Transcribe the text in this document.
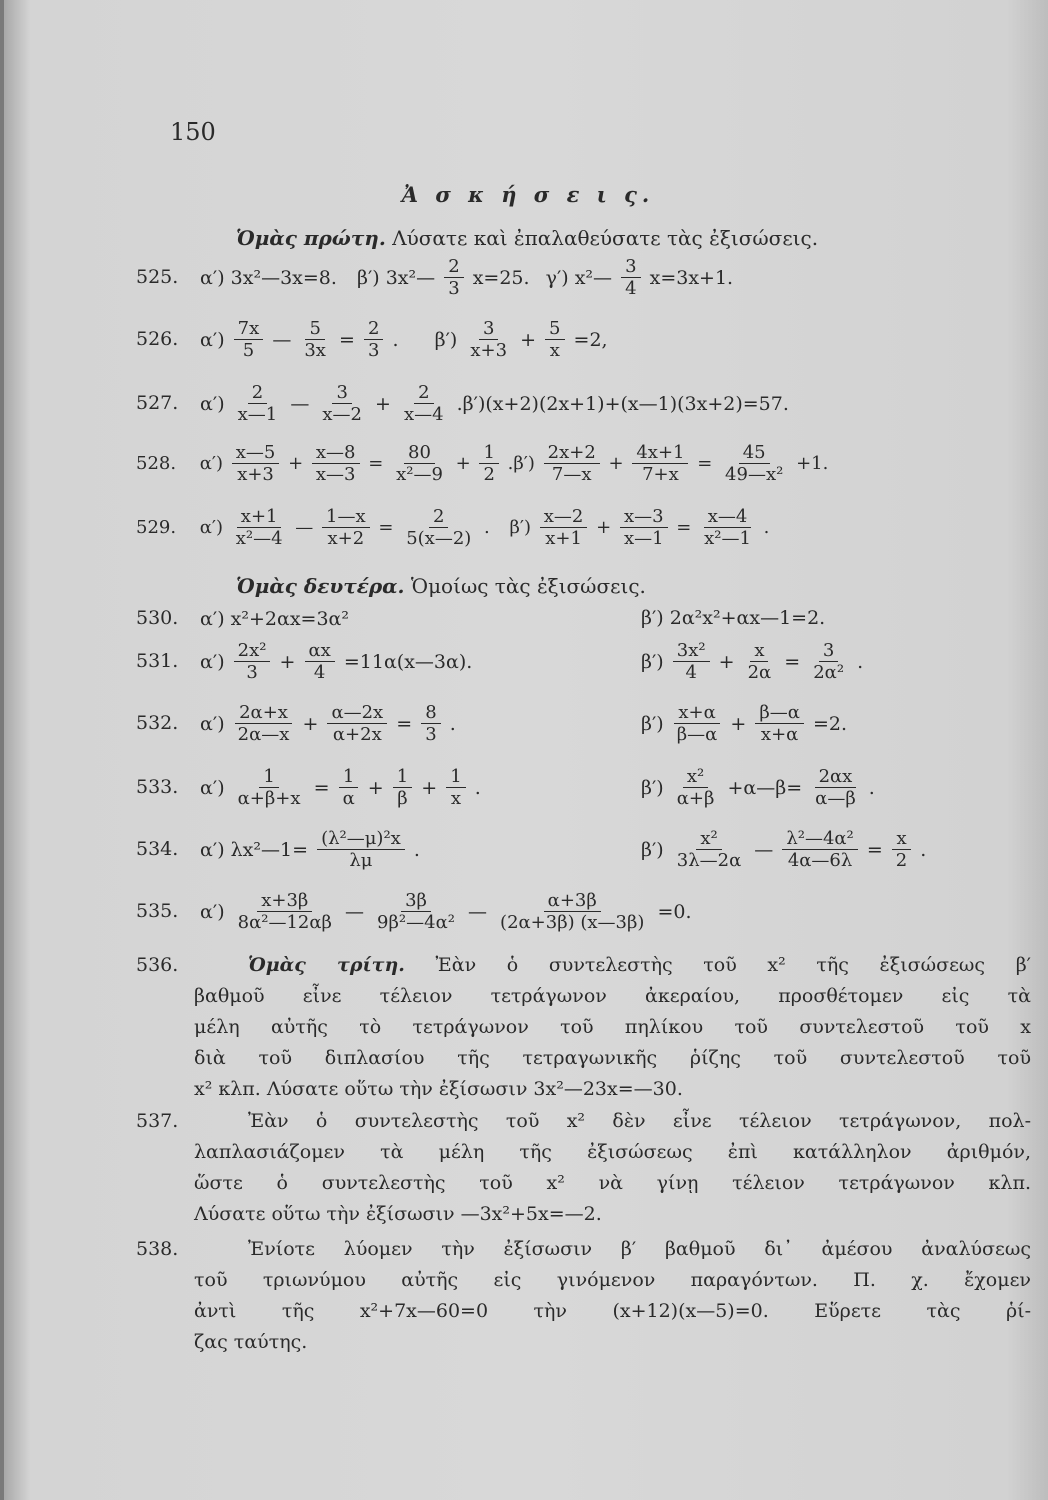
150
Ἀ σ κ ή σ ε ι ς.
Ὁμὰς πρώτη. Λύσατε καὶ ἐπαλαθεύσατε τὰς ἐξισώσεις.
525. α′) 3x²—3x=8. β′) 3x²— $\frac{2}{3} x=25$. γ′) x²— $\frac{3}{4} x=3x+1$.
526. $\alpha') \frac{7x}{5}$ — $\frac{5}{3x} = \frac{2}{3}$ . $\beta') \frac{3}{x+3} + \frac{5}{x} =2$,
527. $\alpha') \frac{2}{x—1}$ — $\frac{3}{x—2} + \frac{2}{x—4}$ .β′)(x+2)(2x+1)+(x—1)(3x+2)=57.
528. $\alpha') \frac{x—5}{x+3} + \frac{x—8}{x—3} = \frac{80}{\text{x²—9}} + \frac{1}{2} .\beta') \frac{2x+2}{7—x} + \frac{4x+1}{7+x} = \frac{45}{\text{49—x²}} +1$.
529. $\alpha') \frac{x+1}{\text{x²—4}}$ — $\frac{1—x}{x+2} = \frac{2}{5(x—2)}$ . $\beta') \frac{x—2}{x+1} + \frac{x—3}{x—1} = \frac{x—4}{\text{x²—1}}$ .
Ὁμὰς δευτέρα. Ὁμοίως τὰς ἐξισώσεις.
530. α′) x²+2αx=3α²	β′) 2α²x²+αx—1=2.
531. $\alpha') \frac{\text{2x²}}{3} + \frac{\alpha x}{4}$ =11α(x—3α).	$\beta') \frac{\text{3x²}}{4} + \frac{x}{2\alpha} = \frac{3}{\text{2α²}}$ .
532. $\alpha') \frac{2\alpha+x}{2\alpha—x} + \frac{\alpha—2x}{\alpha+2x} = \frac{8}{3}$ .	$\beta') \frac{x+\alpha}{\beta—\alpha} + \frac{\beta—\alpha}{x+\alpha} =2$.
533. $\alpha') \frac{1}{\alpha+\beta+x} = \frac{1}{\alpha} + \frac{1}{\beta} + \frac{1}{x}$ .	$\beta') \frac{\text{x²}}{\alpha+\beta}$ +α—β= $\frac{2\alpha x}{\alpha—\beta}$ .
534. α′) λx²—1= $\frac{\text{(λ²—μ)²x}}{\lambda\mu}$ .	$\beta') \frac{\text{x²}}{3\lambda—2\alpha}$ — $\frac{\text{λ²—4α²}}{4\alpha—6\lambda} = \frac{x}{2}$ .
535. $\alpha') \frac{x+3\beta}{\text{8α²—12αβ}}$ — $\frac{3\beta}{\text{9β²—4α²}}$ — $\frac{\alpha+3\beta}{(2\alpha+3\beta) (x—3\beta)} =0$.
536.	Ὁμὰς τρίτη. Ἐὰν ὁ συντελεστὴς τοῦ x² τῆς ἐξισώσεως β′
βαθμοῦ εἶνε τέλειον τετράγωνον ἀκεραίου, προσθέτομεν εἰς τὰ
μέλη αὐτῆς τὸ τετράγωνον τοῦ πηλίκου τοῦ συντελεστοῦ τοῦ x
διὰ τοῦ διπλασίου τῆς τετραγωνικῆς ῥίζης τοῦ συντελεστοῦ τοῦ
x² κλπ. Λύσατε οὕτω τὴν ἐξίσωσιν 3x²—23x=—30.
537.	Ἐὰν ὁ συντελεστὴς τοῦ x² δὲν εἶνε τέλειον τετράγωνον, πολ-
λαπλασιάζομεν τὰ μέλη τῆς ἐξισώσεως ἐπὶ κατάλληλον ἀριθμόν,
ὥστε ὁ συντελεστὴς τοῦ x² νὰ γίνῃ τέλειον τετράγωνον κλπ.
Λύσατε οὕτω τὴν ἐξίσωσιν —3x²+5x=—2.
538.	Ἐνίοτε λύομεν τὴν ἐξίσωσιν β′ βαθμοῦ δι᾽ ἀμέσου ἀναλύσεως
τοῦ τριωνύμου αὐτῆς εἰς γινόμενον παραγόντων. Π. χ. ἔχομεν
ἀντὶ τῆς x²+7x—60=0 τὴν (x+12)(x—5)=0. Εὕρετε τὰς ῥί-
ζας ταύτης.
